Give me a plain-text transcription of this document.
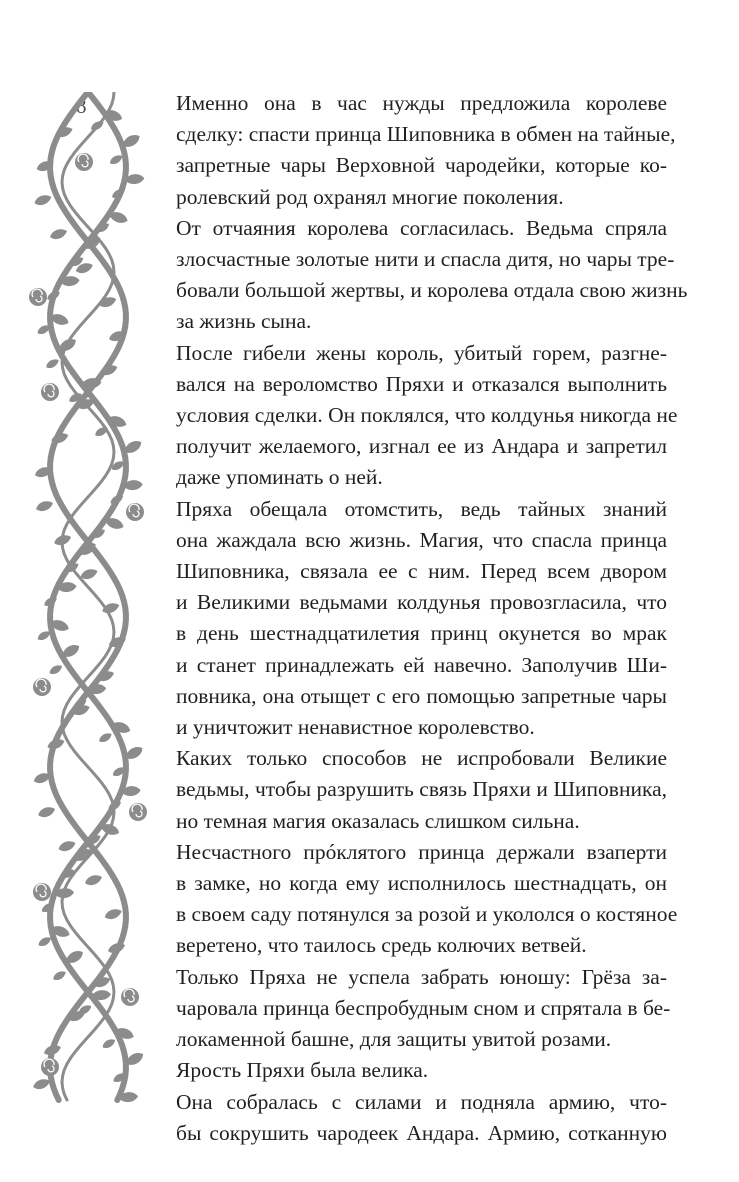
8	Именно она в час нужды предложила королеве
сделку: спасти принца Шиповника в обмен на тайные,
запретные чары Верховной чародейки, которые ко-
ролевский род охранял многие поколения.

От отчаяния королева согласилась. Ведьма спряла
злосчастные золотые нити и спасла дитя, но чары тре-
бовали большой жертвы, и королева отдала свою жизнь
за жизнь сына.

После гибели жены король, убитый горем, разгне-
вался на вероломство Пряхи и отказался выполнить
условия сделки. Он поклялся, что колдунья никогда не
получит желаемого, изгнал ее из Андара и запретил
даже упоминать о ней.

Пряха обещала отомстить, ведь тайных знаний
она жаждала всю жизнь. Магия, что спасла принца
Шиповника, связала ее с ним. Перед всем двором
и Великими ведьмами колдунья провозгласила, что
в день шестнадцатилетия принц окунется во мрак
и станет принадлежать ей навечно. Заполучив Ши-
повника, она отыщет с его помощью запретные чары
и уничтожит ненавистное королевство.

Каких только способов не испробовали Великие
ведьмы, чтобы разрушить связь Пряхи и Шиповника,
но темная магия оказалась слишком сильна.

Несчастного прóклятого принца держали взаперти
в замке, но когда ему исполнилось шестнадцать, он
в своем саду потянулся за розой и укололся о костяное
веретено, что таилось средь колючих ветвей.

Только Пряха не успела забрать юношу: Грёза за-
чаровала принца беспробудным сном и спрятала в бе-
локаменной башне, для защиты увитой розами.

Ярость Пряхи была велика.

Она собралась с силами и подняла армию, что-
бы сокрушить чародеек Андара. Армию, сотканную
